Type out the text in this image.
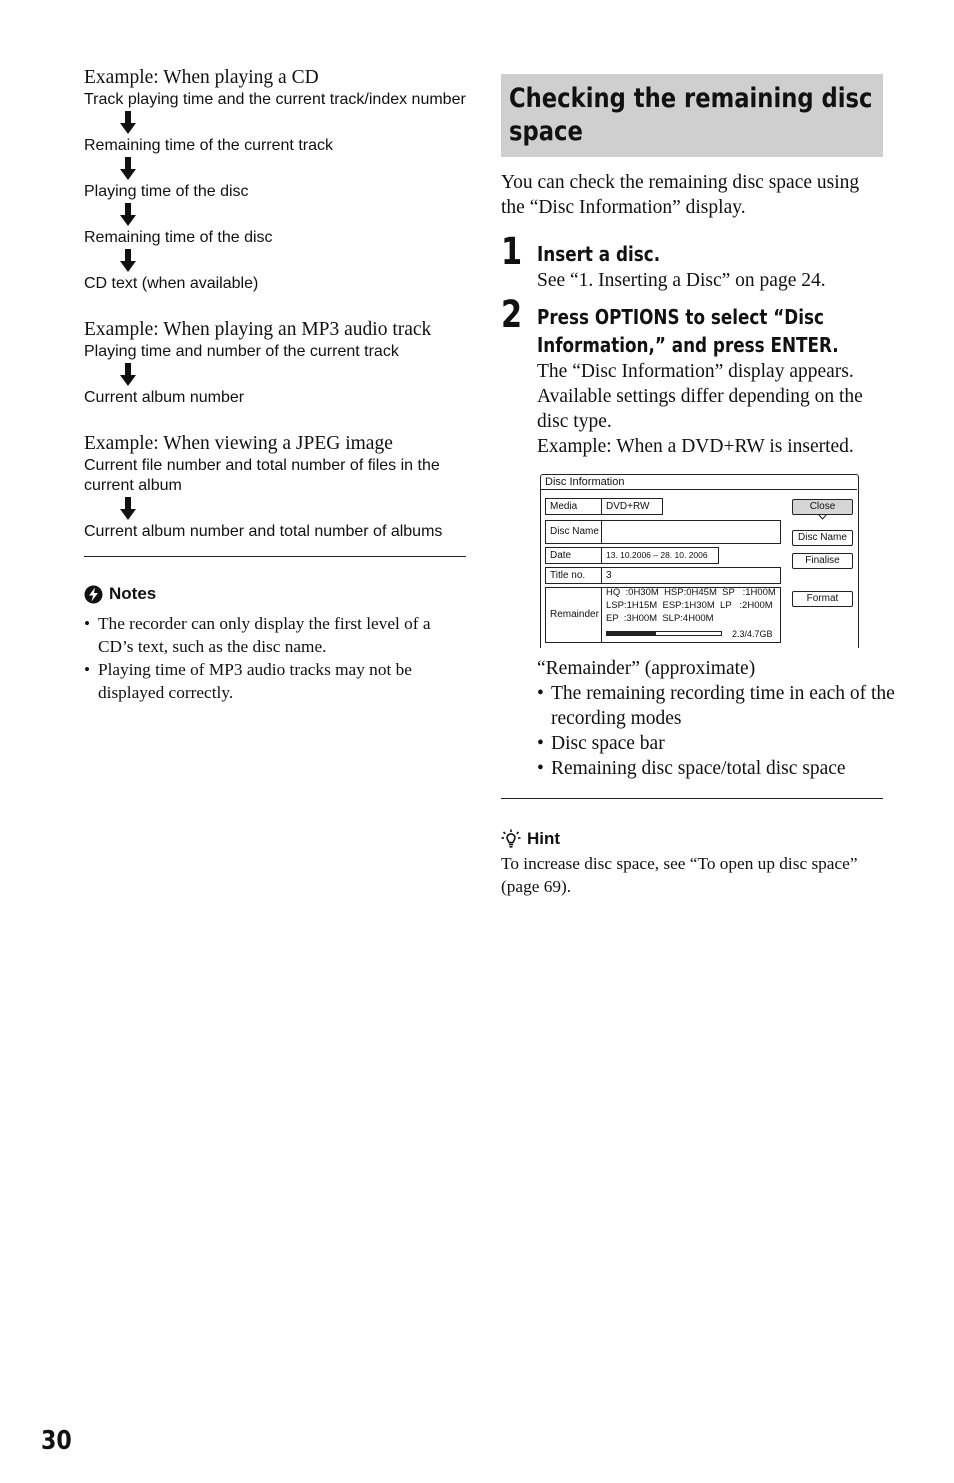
Example: When playing a CD

Track playing time and the current track/index number

Remaining time of the current track

Playing time of the disc

Remaining time of the disc

CD text (when available)

Example: When playing an MP3 audio track

Playing time and number of the current track

Current album number

Example: When viewing a JPEG image

Current file number and total number of files in the current album

Current album number and total number of albums

Notes
• The recorder can only display the first level of a CD’s text, such as the disc name.
• Playing time of MP3 audio tracks may not be displayed correctly.
Checking the remaining disc space

You can check the remaining disc space using the “Disc Information” display.

1 Insert a disc.

See “1. Inserting a Disc” on page 24.

2 Press OPTIONS to select “Disc Information,” and press ENTER.

The “Disc Information” display appears. Available settings differ depending on the disc type.

Example: When a DVD+RW is inserted.

Disc Information
Media	DVD+RW
Disc Name
Date	13. 10.2006 – 28. 10. 2006
Title no.	3
Remainder
HQ  :0H30M  HSP:0H45M  SP   :1H00M
LSP:1H15M  ESP:1H30M  LP   :2H00M
EP  :3H00M  SLP:4H00M
2.3/4.7GB
Close
Disc Name
Finalise
Format

“Remainder” (approximate)

• The remaining recording time in each of the recording modes
• Disc space bar
• Remaining disc space/total disc space
Hint

To increase disc space, see “To open up disc space” (page 69).

30
